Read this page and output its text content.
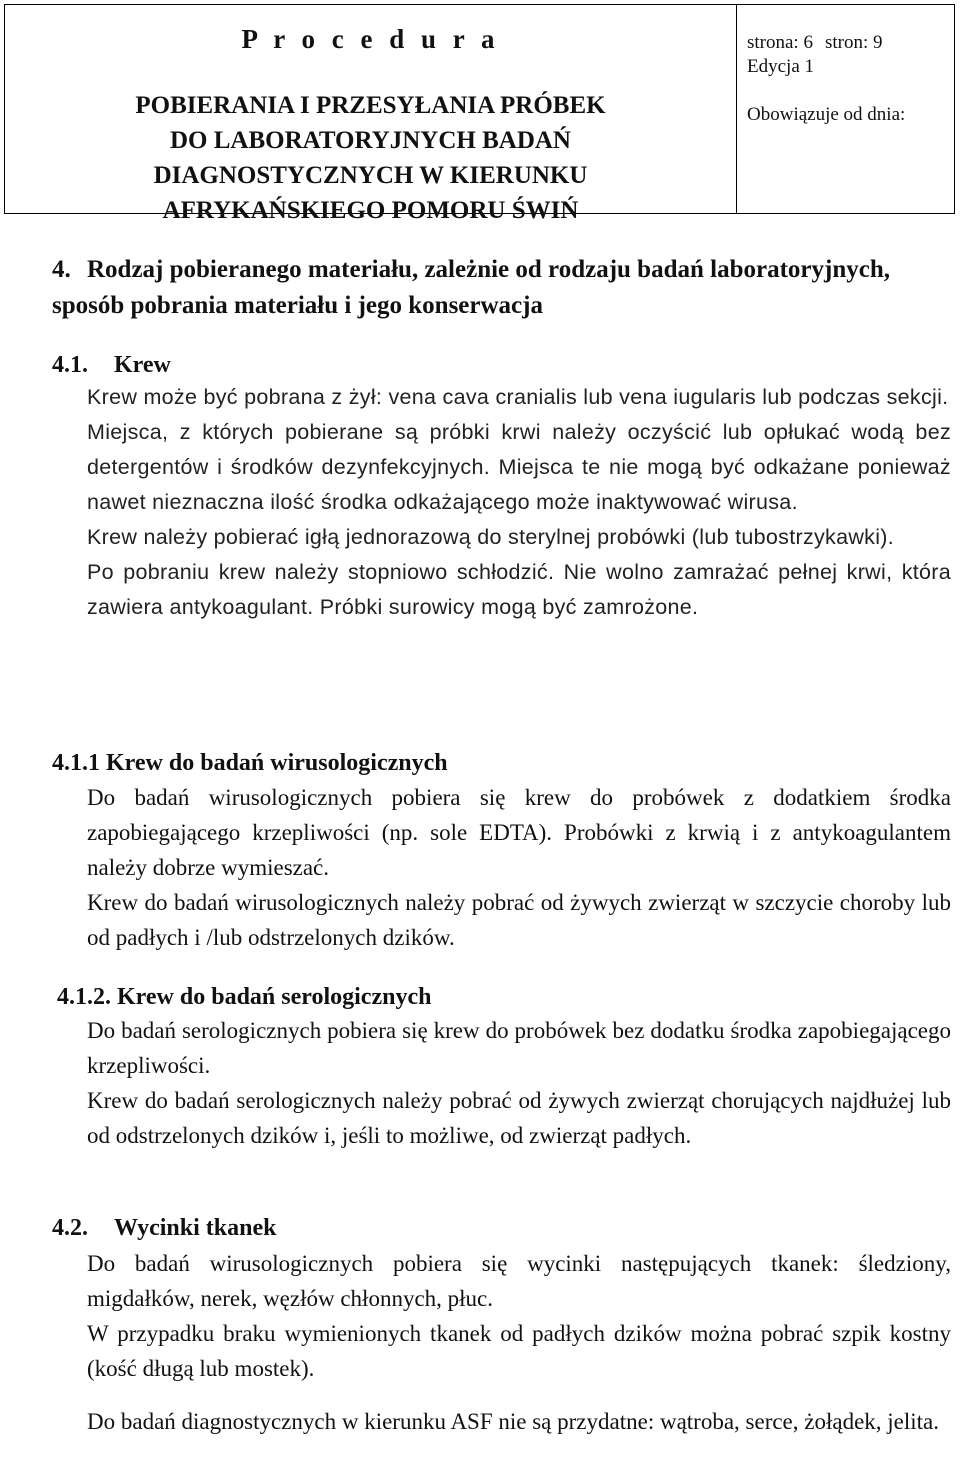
P r o c e d u r a
POBIERANIA I PRZESYŁANIA PRÓBEK
DO LABORATORYJNYCH BADAŃ
DIAGNOSTYCZNYCH W KIERUNKU
AFRYKAŃSKIEGO POMORU ŚWIŃ
strona: 6 stron: 9
Edycja 1
Obowiązuje od dnia:
4. Rodzaj pobieranego materiału, zależnie od rodzaju badań laboratoryjnych, sposób pobrania materiału i jego konserwacja
4.1. Krew

Krew może być pobrana z żył: vena cava cranialis lub vena iugularis lub podczas sekcji.

Miejsca, z których pobierane są próbki krwi należy oczyścić lub opłukać wodą bez detergentów i środków dezynfekcyjnych. Miejsca te nie mogą być odkażane ponieważ nawet nieznaczna ilość środka odkażającego może inaktywować wirusa.

Krew należy pobierać igłą jednorazową do sterylnej probówki (lub tubostrzykawki).

Po pobraniu krew należy stopniowo schłodzić. Nie wolno zamrażać pełnej krwi, która zawiera antykoagulant. Próbki surowicy mogą być zamrożone.

4.1.1 Krew do badań wirusologicznych

Do badań wirusologicznych pobiera się krew do probówek z dodatkiem środka zapobiegającego krzepliwości (np. sole EDTA). Probówki z krwią i z antykoagulantem należy dobrze wymieszać.

Krew do badań wirusologicznych należy pobrać od żywych zwierząt w szczycie choroby lub od padłych i /lub odstrzelonych dzików.

4.1.2. Krew do badań serologicznych

Do badań serologicznych pobiera się krew do probówek bez dodatku środka zapobiegającego krzepliwości.

Krew do badań serologicznych należy pobrać od żywych zwierząt chorujących najdłużej lub od odstrzelonych dzików i, jeśli to możliwe, od zwierząt padłych.

4.2. Wycinki tkanek

Do badań wirusologicznych pobiera się wycinki następujących tkanek: śledziony, migdałków, nerek, węzłów chłonnych, płuc.

W przypadku braku wymienionych tkanek od padłych dzików można pobrać szpik kostny (kość długą lub mostek).

Do badań diagnostycznych w kierunku ASF nie są przydatne: wątroba, serce, żołądek, jelita.
